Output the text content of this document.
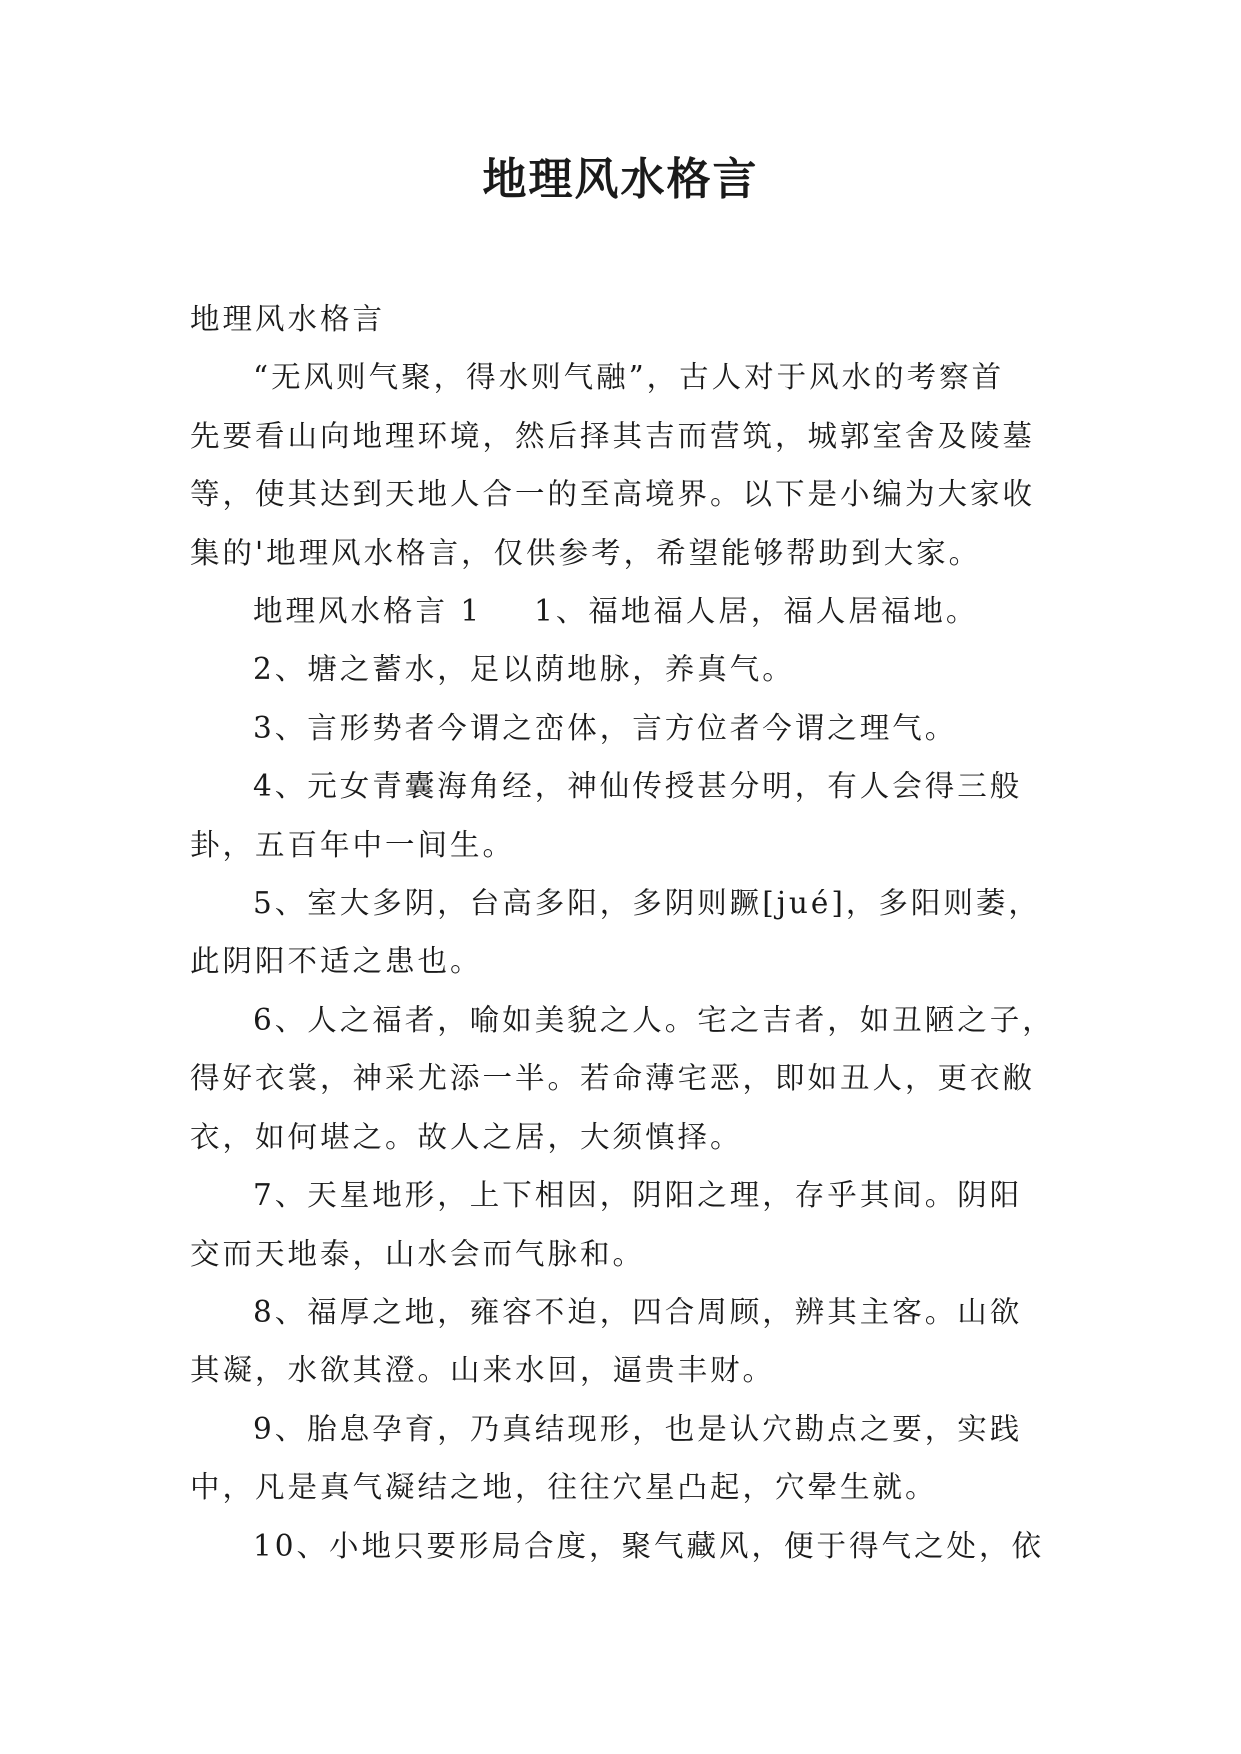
地理风水格言

地理风水格言

“无风则气聚，得水则气融”，古人对于风水的考察首

先要看山向地理环境，然后择其吉而营筑，城郭室舍及陵墓

等，使其达到天地人合一的至高境界。以下是小编为大家收

集的'地理风水格言，仅供参考，希望能够帮助到大家。

地理风水格言 1 1、福地福人居，福人居福地。

2、塘之蓄水，足以荫地脉，养真气。

3、言形势者今谓之峦体，言方位者今谓之理气。

4、元女青囊海角经，神仙传授甚分明，有人会得三般

卦，五百年中一间生。

5、室大多阴，台高多阳，多阴则蹶[jué]，多阳则萎，

此阴阳不适之患也。

6、人之福者，喻如美貌之人。宅之吉者，如丑陋之子，

得好衣裳，神采尤添一半。若命薄宅恶，即如丑人，更衣敝

衣，如何堪之。故人之居，大须慎择。

7、天星地形，上下相因，阴阳之理，存乎其间。阴阳

交而天地泰，山水会而气脉和。

8、福厚之地，雍容不迫，四合周顾，辨其主客。山欲

其凝，水欲其澄。山来水回，逼贵丰财。

9、胎息孕育，乃真结现形，也是认穴勘点之要，实践

中，凡是真气凝结之地，往往穴星凸起，穴晕生就。

10、小地只要形局合度，聚气藏风，便于得气之处，依
